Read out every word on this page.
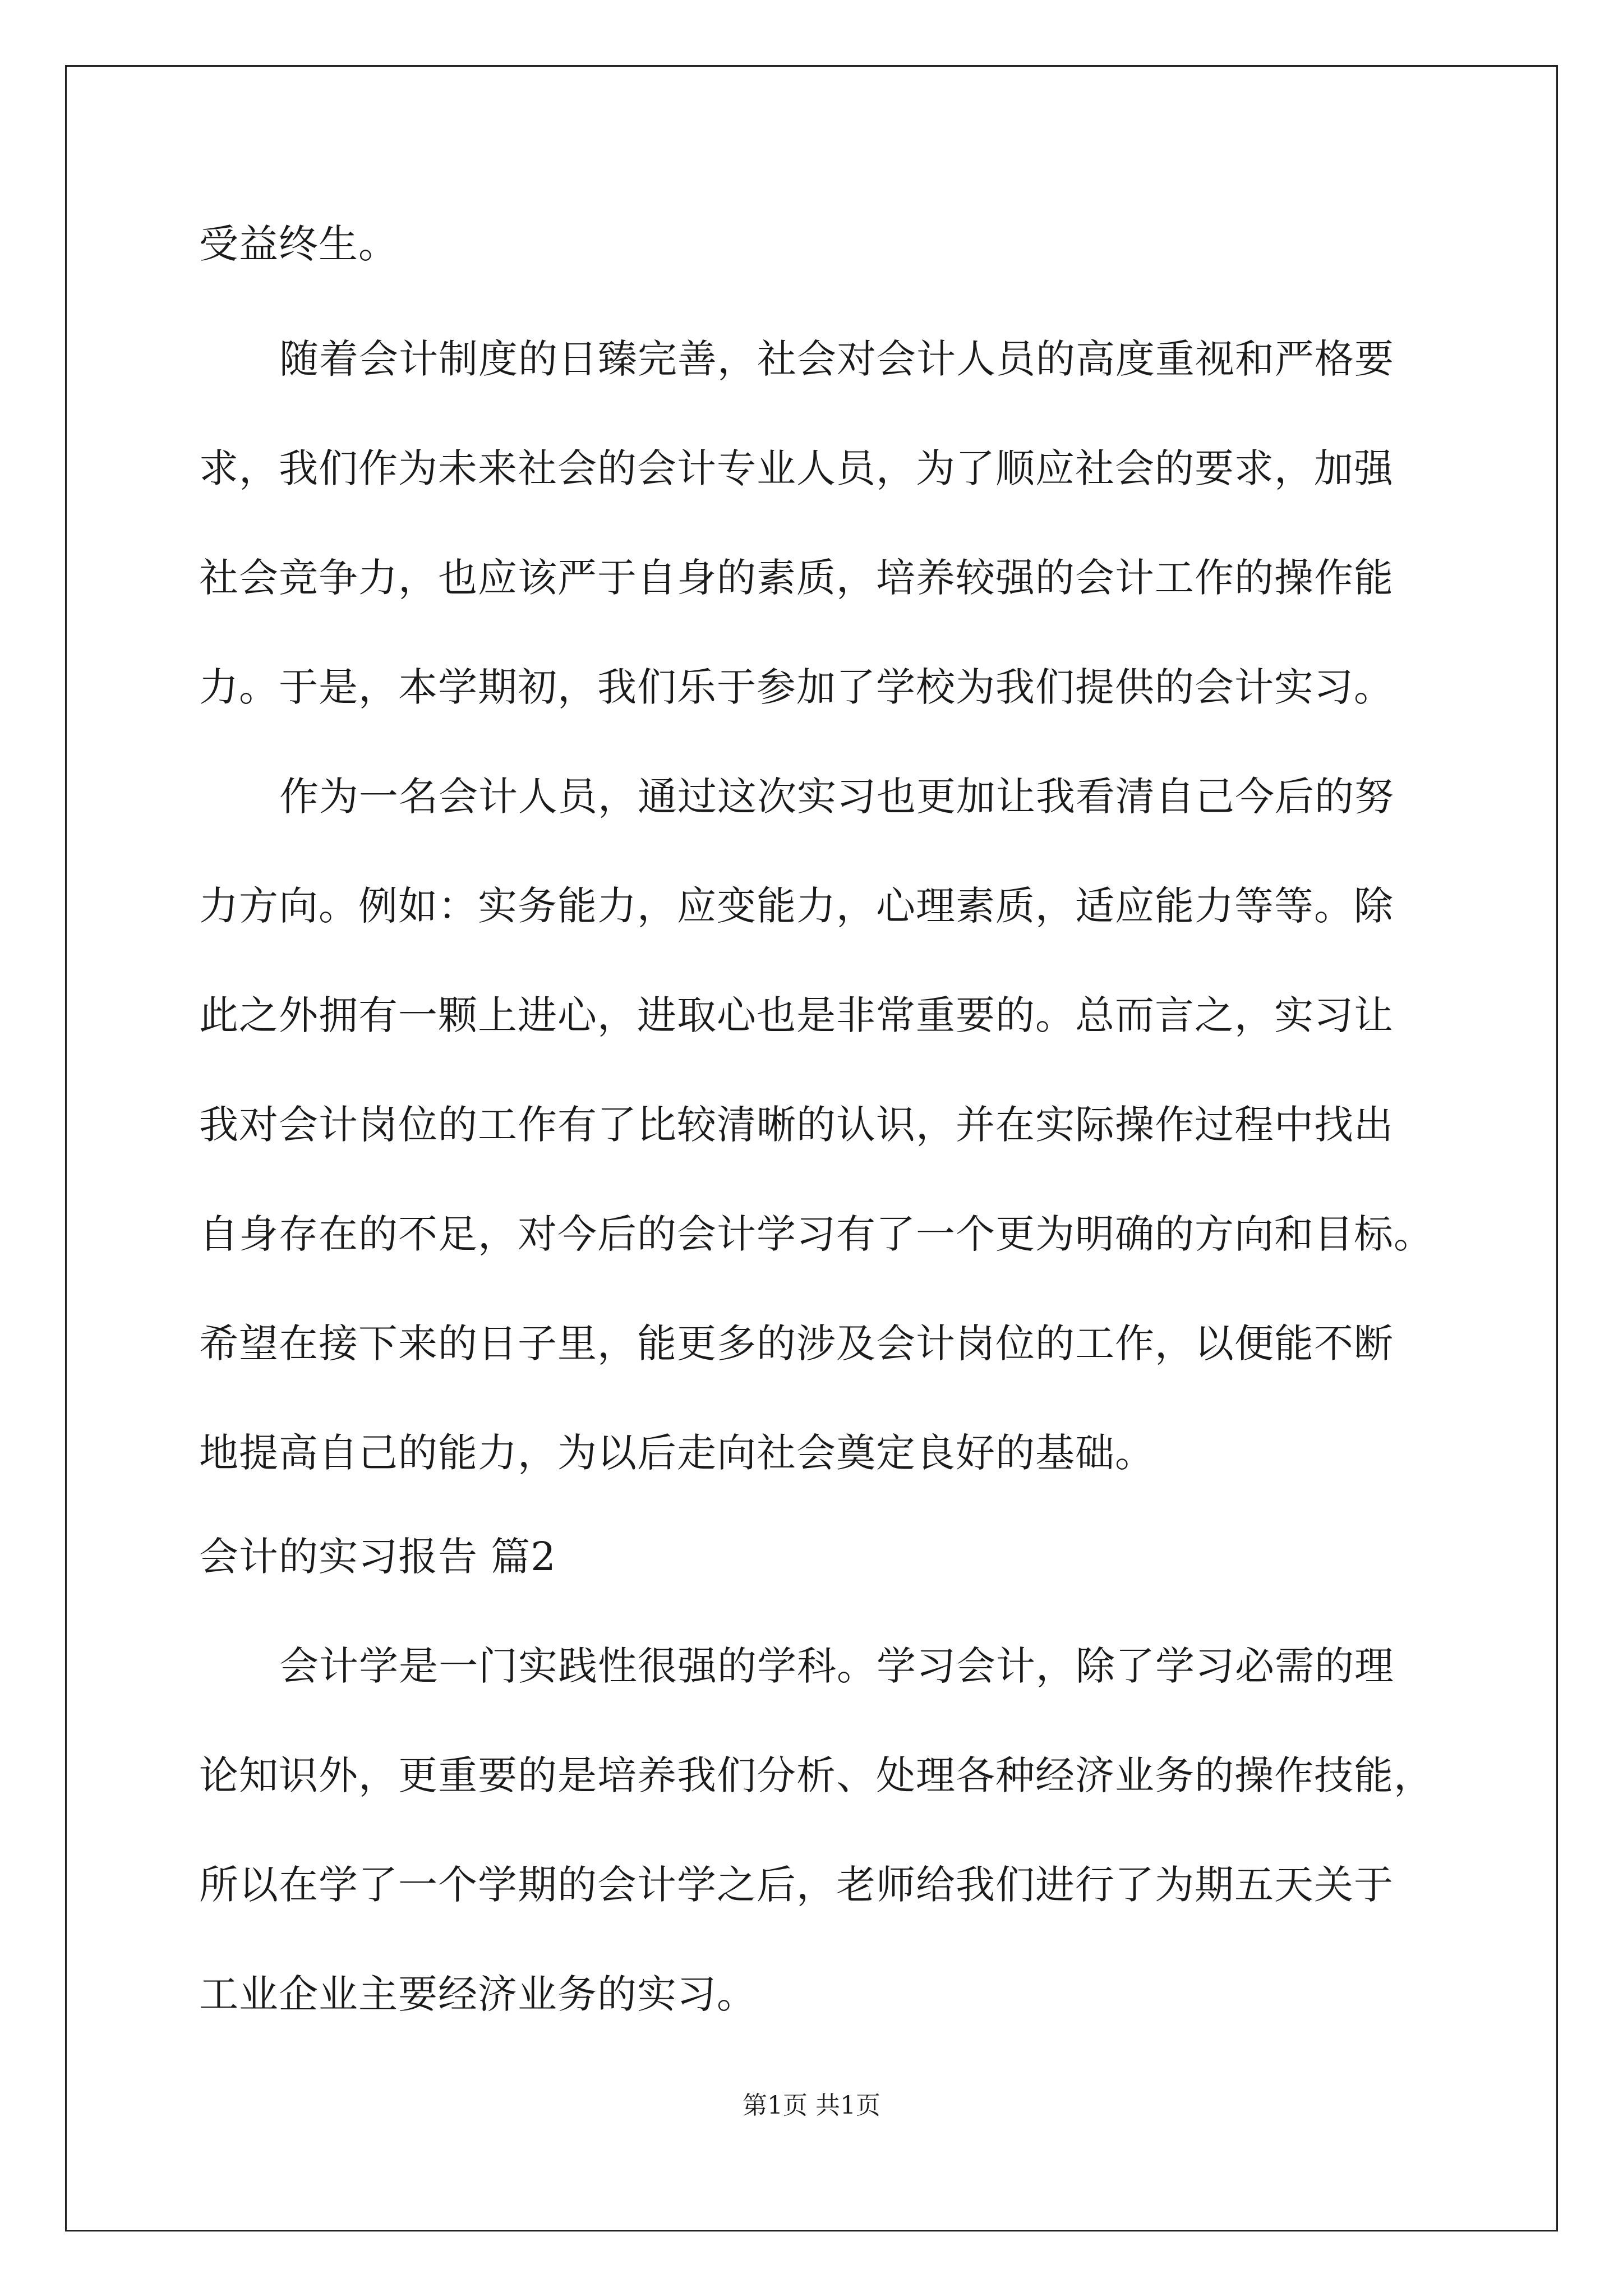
受益终生。
随着会计制度的日臻完善，社会对会计人员的高度重视和严格要
求，我们作为未来社会的会计专业人员，为了顺应社会的要求，加强
社会竞争力，也应该严于自身的素质，培养较强的会计工作的操作能
力。于是，本学期初，我们乐于参加了学校为我们提供的会计实习。
作为一名会计人员，通过这次实习也更加让我看清自己今后的努
力方向。例如：实务能力，应变能力，心理素质，适应能力等等。除
此之外拥有一颗上进心，进取心也是非常重要的。总而言之，实习让
我对会计岗位的工作有了比较清晰的认识，并在实际操作过程中找出
自身存在的不足，对今后的会计学习有了一个更为明确的方向和目标。
希望在接下来的日子里，能更多的涉及会计岗位的工作，以便能不断
地提高自己的能力，为以后走向社会奠定良好的基础。
会计的实习报告 篇2
会计学是一门实践性很强的学科。学习会计，除了学习必需的理
论知识外，更重要的是培养我们分析、处理各种经济业务的操作技能，
所以在学了一个学期的会计学之后，老师给我们进行了为期五天关于
工业企业主要经济业务的实习。
第1页 共1页
